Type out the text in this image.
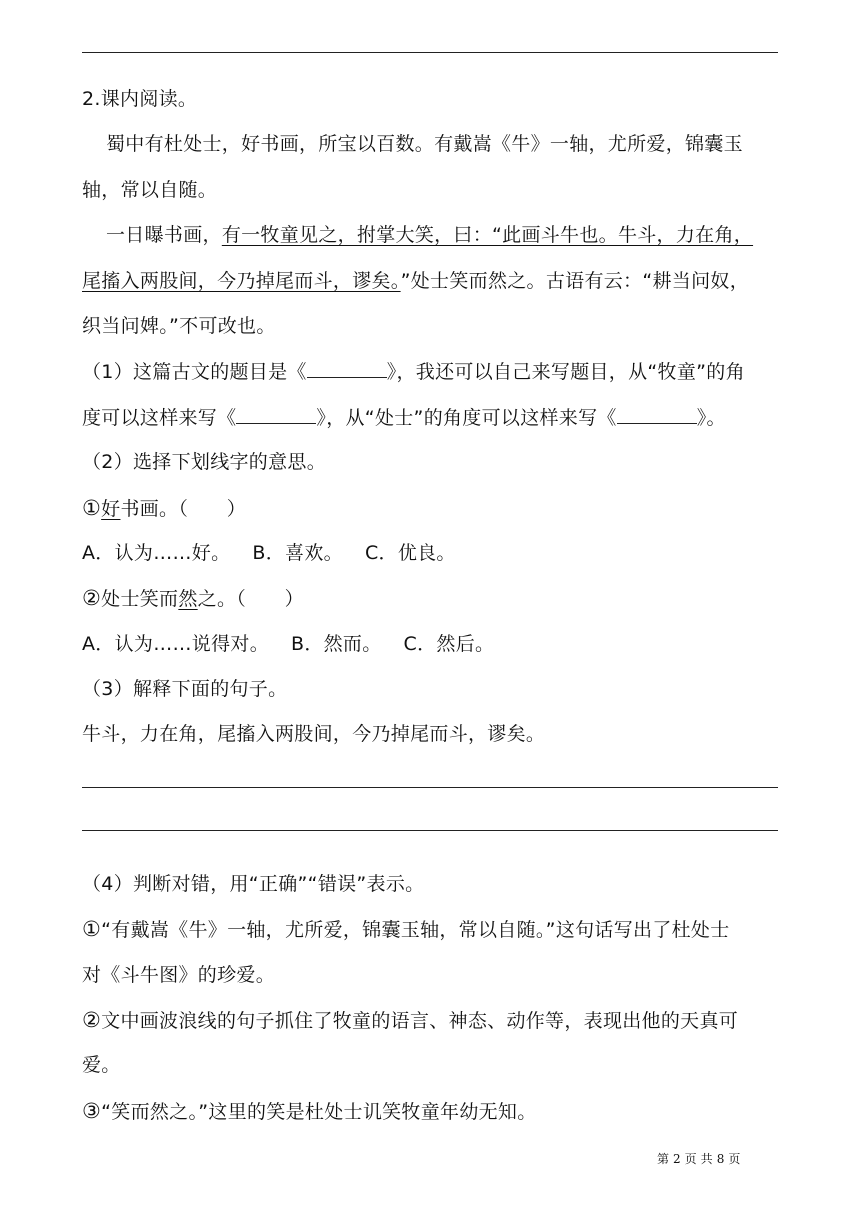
2.课内阅读。
蜀中有杜处士，好书画，所宝以百数。有戴嵩《牛》一轴，尤所爱，锦囊玉
轴，常以自随。
一日曝书画，有一牧童见之，拊掌大笑，曰：“此画斗牛也。牛斗，力在角，
尾搐入两股间，今乃掉尾而斗，谬矣。”处士笑而然之。古语有云：“耕当问奴，
织当问婢。”不可改也。
（1）这篇古文的题目是《	》，我还可以自己来写题目，从“牧童”的角
度可以这样来写《	》，从“处士”的角度可以这样来写《	》。
（2）选择下划线字的意思。
①好书画。（　　）
A．认为……好。 B．喜欢。 C．优良。
②处士笑而然之。（　　）
A．认为……说得对。 B．然而。 C．然后。
（3）解释下面的句子。
牛斗，力在角，尾搐入两股间，今乃掉尾而斗，谬矣。
（4）判断对错，用“正确”“错误”表示。
①“有戴嵩《牛》一轴，尤所爱，锦囊玉轴，常以自随。”这句话写出了杜处士
对《斗牛图》的珍爱。
②文中画波浪线的句子抓住了牧童的语言、神态、动作等，表现出他的天真可
爱。
③“笑而然之。”这里的笑是杜处士讥笑牧童年幼无知。
第 2 页 共 8 页
